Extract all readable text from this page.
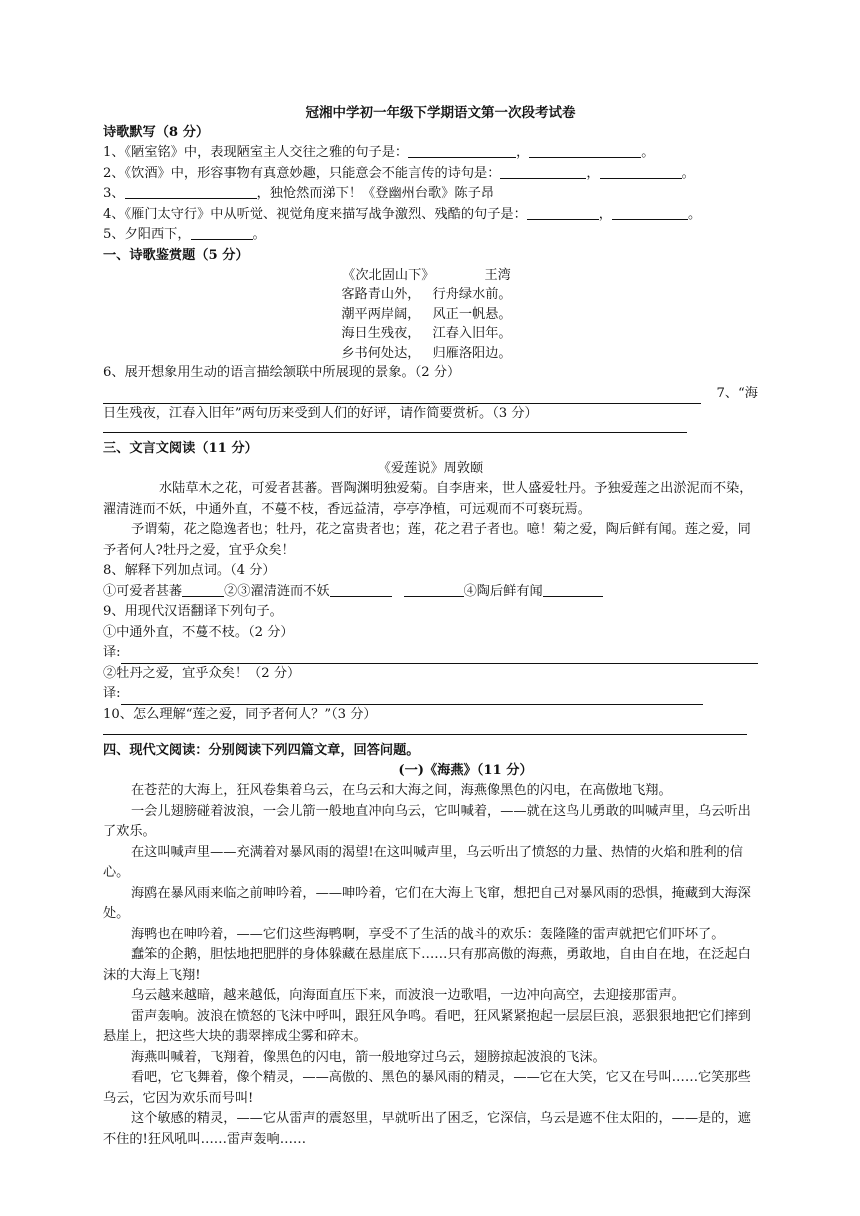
冠湘中学初一年级下学期语文第一次段考试卷
诗歌默写（8 分）
1、《陋室铭》中，表现陋室主人交往之雅的句子是：	，	。
2、《饮酒》中，形容事物有真意妙趣，只能意会不能言传的诗句是：	，	。
3、	，独怆然而涕下！《登幽州台歌》陈子昂
4、《雁门太守行》中从听觉、视觉角度来描写战争激烈、残酷的句子是：	，	。
5、夕阳西下，	。
一、诗歌鉴赏题（5 分）
《次北固山下》	王湾
客路青山外， 行舟绿水前。
潮平两岸阔， 风正一帆悬。
海日生残夜， 江春入旧年。
乡书何处达， 归雁洛阳边。
6、展开想象用生动的语言描绘颔联中所展现的景象。（2 分）
7、“海
日生残夜，江春入旧年”两句历来受到人们的好评，请作简要赏析。（3 分）
三、文言文阅读（11 分）
《爱莲说》周敦颐
水陆草木之花，可爱者甚蕃。晋陶渊明独爱菊。自李唐来，世人盛爱牡丹。予独爱莲之出淤泥而不染，濯清涟而不妖，中通外直，不蔓不枝，香远益清，亭亭净植，可远观而不可亵玩焉。
予谓菊，花之隐逸者也；牡丹，花之富贵者也；莲，花之君子者也。噫！菊之爱，陶后鲜有闻。莲之爱，同予者何人?牡丹之爱，宜乎众矣！
8、解释下列加点词。（4 分）
①可爱者甚蕃	②③濯清涟而不妖	④陶后鲜有闻
9、用现代汉语翻译下列句子。
①中通外直，不蔓不枝。（2 分）
译:
②牡丹之爱，宜乎众矣！（2 分）
译:
10、怎么理解“莲之爱，同予者何人？”（3 分）
四、现代文阅读：分别阅读下列四篇文章，回答问题。
(一)《海燕》（11 分）
在苍茫的大海上，狂风卷集着乌云，在乌云和大海之间，海燕像黑色的闪电，在高傲地飞翔。
一会儿翅膀碰着波浪，一会儿箭一般地直冲向乌云，它叫喊着，——就在这鸟儿勇敢的叫喊声里，乌云听出了欢乐。
在这叫喊声里——充满着对暴风雨的渴望!在这叫喊声里，乌云听出了愤怒的力量、热情的火焰和胜利的信心。
海鸥在暴风雨来临之前呻吟着，——呻吟着，它们在大海上飞窜，想把自己对暴风雨的恐惧，掩藏到大海深处。
海鸭也在呻吟着，——它们这些海鸭啊，享受不了生活的战斗的欢乐：轰隆隆的雷声就把它们吓坏了。
蠢笨的企鹅，胆怯地把肥胖的身体躲藏在悬崖底下……只有那高傲的海燕，勇敢地，自由自在地，在泛起白沫的大海上飞翔!
乌云越来越暗，越来越低，向海面直压下来，而波浪一边歌唱，一边冲向高空，去迎接那雷声。
雷声轰响。波浪在愤怒的飞沫中呼叫，跟狂风争鸣。看吧，狂风紧紧抱起一层层巨浪，恶狠狠地把它们摔到悬崖上，把这些大块的翡翠摔成尘雾和碎末。
海燕叫喊着，飞翔着，像黑色的闪电，箭一般地穿过乌云，翅膀掠起波浪的飞沫。
看吧，它飞舞着，像个精灵，——高傲的、黑色的暴风雨的精灵，——它在大笑，它又在号叫……它笑那些乌云，它因为欢乐而号叫!
这个敏感的精灵，——它从雷声的震怒里，早就听出了困乏，它深信，乌云是遮不住太阳的，——是的，遮不住的!狂风吼叫……雷声轰响……
